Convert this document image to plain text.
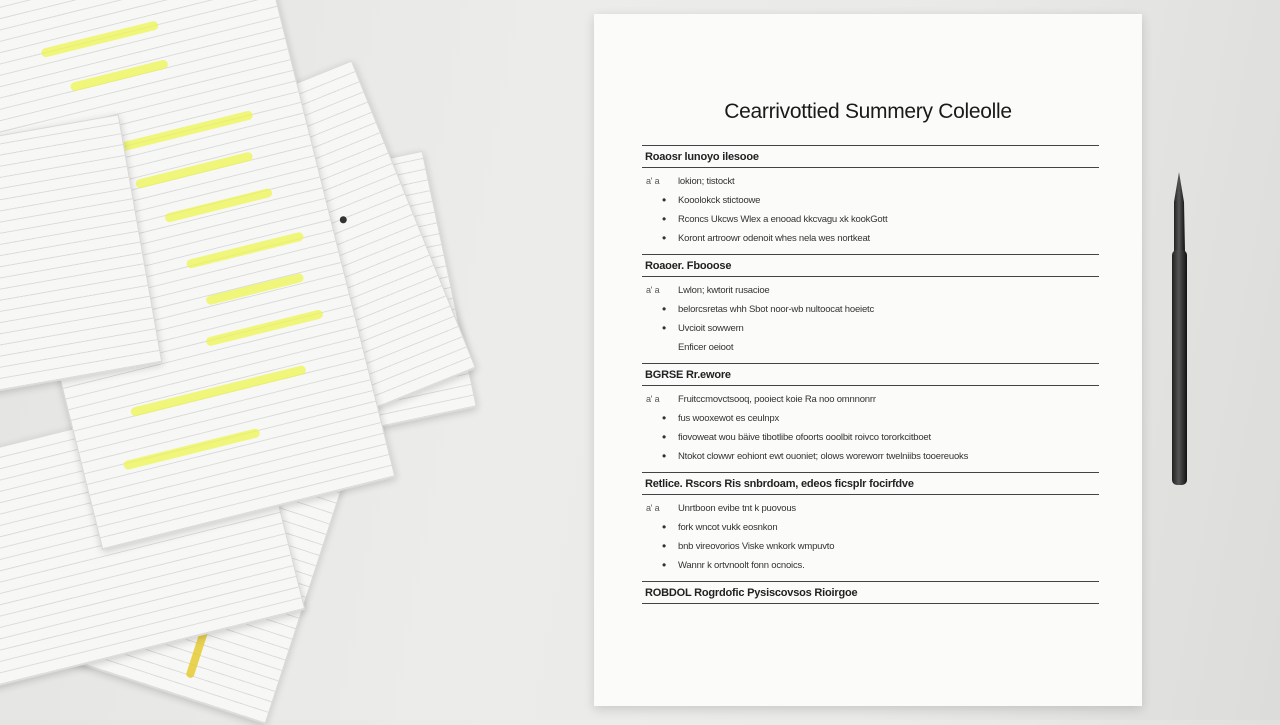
Cearrivottied Summery Coleolle
Roaosr lunoyo ilesooe
a' a lokion; tistockt
• Kooolokck stictoowe
• Rconcs Ukcws Wlex a enooad kkcvagu xk kookGott
• Koront artroowr odenoit whes nela wes nortkeat
Roaoer. Fbooose
a' a Lwlon; kwtorit rusacioe
• belorcsretas whh Sbot noor-wb nultoocat hoeietc
• Uvcioit sowwern
Enficer oeioot
BGRSE Rr.ewore
a' a Fruitccmovctsooq, pooiect koie Ra noo omnnonrr
• fus wooxewot es ceulnpx
• fiovoweat wou bäive tibotlibe ofoorts ooolbit roivco tororkcitboet
• Ntokot clowwr eohiont ewt ouoniet; olows woreworr twelniibs tooereuoks
Retlice. Rscors Ris snbrdoam, edeos ficsplr focirfdve
a' a Unrtboon evibe tnt k puovous
• fork wncot vukk eosnkon
• bnb vireovorios Viske wnkork wmpuvto
• Wannr k ortvnoolt fonn ocnoics.
ROBDOL Rogrdofic Pysiscovsos Rioirgoe
